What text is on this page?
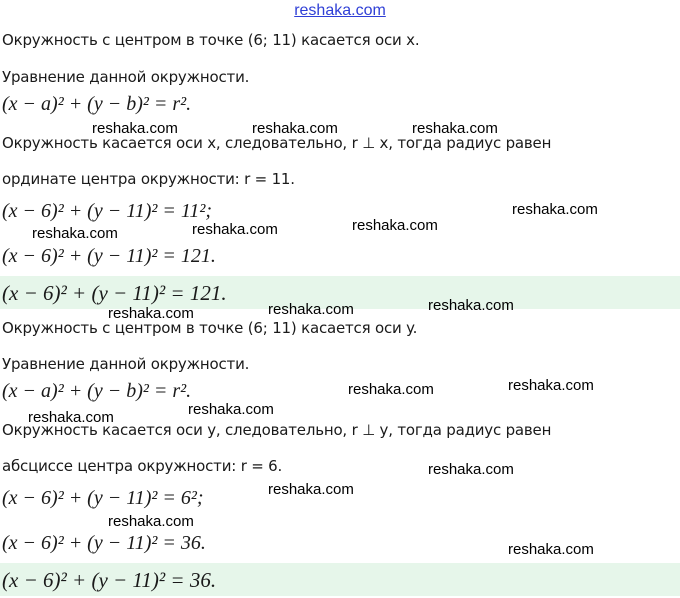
reshaka.com
Окружность с центром в точке (6; 11) касается оси x.
Уравнение данной окружности.
(x − a)² + (y − b)² = r².
Окружность касается оси x, следовательно, r ⊥ x, тогда радиус равен
ординате центра окружности: r = 11.
(x − 6)² + (y − 11)² = 11²;
(x − 6)² + (y − 11)² = 121.
(x − 6)² + (y − 11)² = 121.
Окружность с центром в точке (6; 11) касается оси y.
Уравнение данной окружности.
(x − a)² + (y − b)² = r².
Окружность касается оси y, следовательно, r ⊥ y, тогда радиус равен
абсциссе центра окружности: r = 6.
(x − 6)² + (y − 11)² = 6²;
(x − 6)² + (y − 11)² = 36.
(x − 6)² + (y − 11)² = 36.
reshaka.com	reshaka.com	reshaka.com
reshaka.com
reshaka.com	reshaka.com	reshaka.com
reshaka.com	reshaka.com
reshaka.com
reshaka.com	reshaka.com
reshaka.com	reshaka.com
reshaka.com
reshaka.com
reshaka.com
reshaka.com
